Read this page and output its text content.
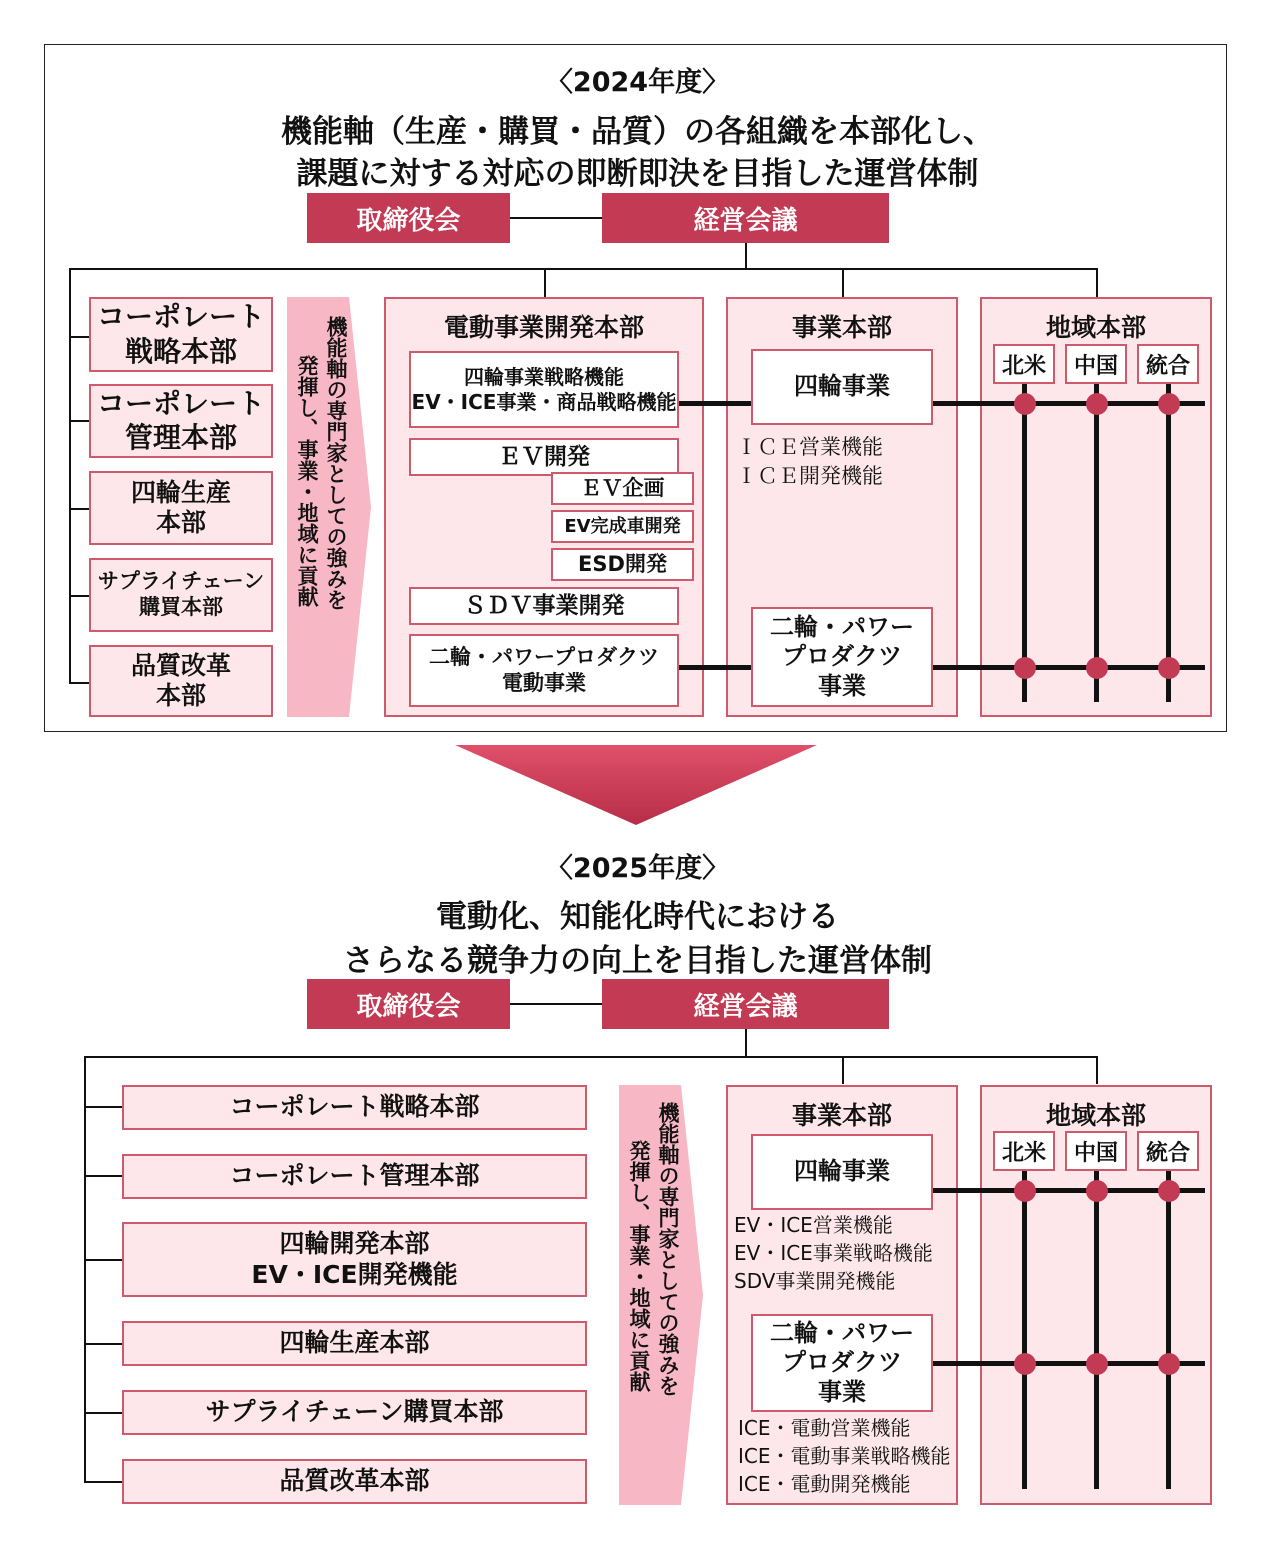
〈2024年度〉
機能軸（生産・購買・品質）の各組織を本部化し、
課題に対する対応の即断即決を目指した運営体制
取締役会	経営会議
コーポレート
戦略本部
コーポレート
管理本部
四輪生産
本部
サプライチェーン
購買本部
品質改革
本部
機能軸の専門家としての強みを
発揮し、事業・地域に貢献
電動事業開発本部
四輪事業戦略機能
EV・ICE事業・商品戦略機能
ＥＶ開発
ＥＶ企画
EV完成車開発
ESD開発
ＳＤＶ事業開発
二輪・パワープロダクツ
電動事業
事業本部
四輪事業
ＩＣＥ営業機能
ＩＣＥ開発機能
二輪・パワー
プロダクツ
事業
地域本部
北米	中国	統合
〈2025年度〉
電動化、知能化時代における
さらなる競争力の向上を目指した運営体制
取締役会	経営会議
コーポレート戦略本部
コーポレート管理本部
四輪開発本部
EV・ICE開発機能
四輪生産本部
サプライチェーン購買本部
品質改革本部
機能軸の専門家としての強みを
発揮し、事業・地域に貢献
事業本部
四輪事業
EV・ICE営業機能
EV・ICE事業戦略機能
SDV事業開発機能
二輪・パワー
プロダクツ
事業
ICE・電動営業機能
ICE・電動事業戦略機能
ICE・電動開発機能
地域本部
北米	中国	統合
